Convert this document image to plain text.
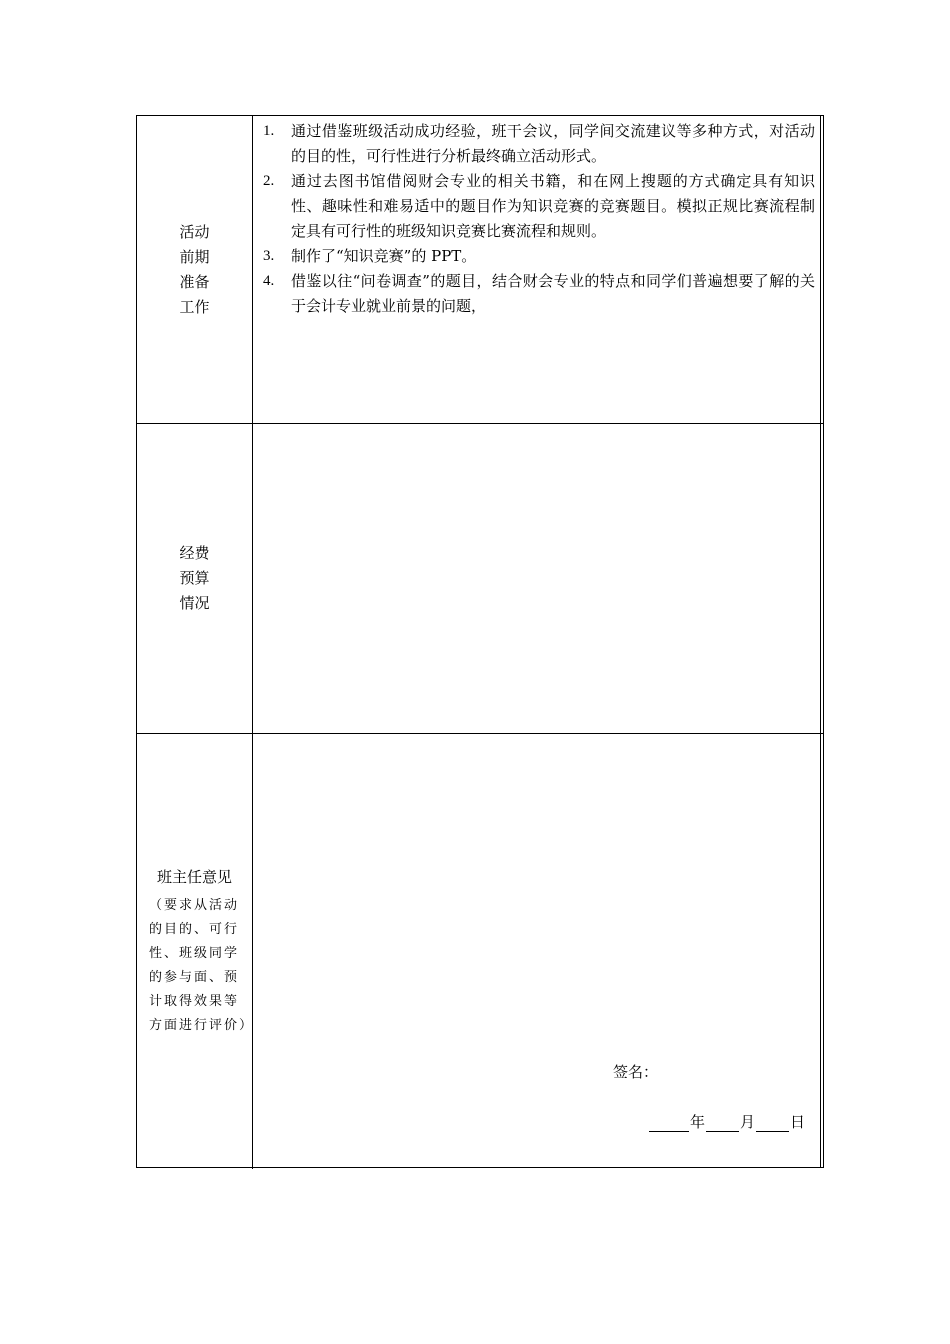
活动
前期
准备
工作
1. 通过借鉴班级活动成功经验，班干会议，同学间交流建议等多种方式，对活动的目的性，可行性进行分析最终确立活动形式。
2. 通过去图书馆借阅财会专业的相关书籍，和在网上搜题的方式确定具有知识性、趣味性和难易适中的题目作为知识竞赛的竞赛题目。模拟正规比赛流程制定具有可行性的班级知识竞赛比赛流程和规则。
3. 制作了“知识竞赛”的 PPT。
4. 借鉴以往“问卷调查”的题目，结合财会专业的特点和同学们普遍想要了解的关于会计专业就业前景的问题，
经费
预算
情况
班主任意见
（要求从活动的目的、可行性、班级同学的参与面、预计取得效果等方面进行评价）
签名：
年 月 日
